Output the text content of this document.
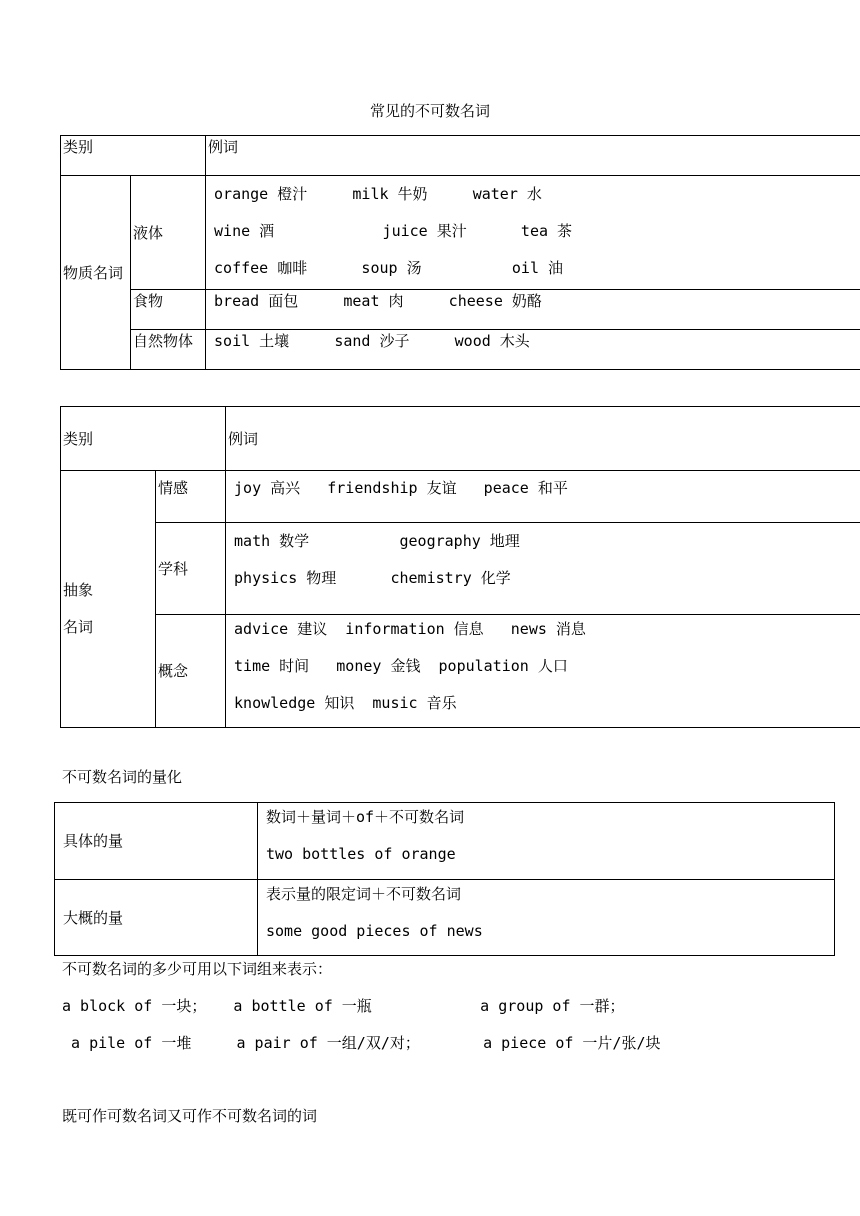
常见的不可数名词
类别		例词
物质名词	液体	orange 橙汁     milk 牛奶     water 水
wine 酒            juice 果汁      tea 茶
coffee 咖啡      soup 汤          oil 油

	食物	bread 面包     meat 肉     cheese 奶酪
	自然物体	soil 土壤     sand 沙子     wood 木头
类别		例词

抽象
名词	情感	joy 高兴   friendship 友谊   peace 和平
	学科	math 数学          geography 地理
physics 物理      chemistry 化学

	概念	advice 建议  information 信息   news 消息
time 时间   money 金钱  population 人口
knowledge 知识  music 音乐
不可数名词的量化
具体的量	数词＋量词＋of＋不可数名词
two bottles of orange

大概的量	表示量的限定词＋不可数名词
some good pieces of news
不可数名词的多少可用以下词组来表示：
a block of 一块；   a bottle of 一瓶            a group of 一群；
a pile of 一堆     a pair of 一组/双/对；       a piece of 一片/张/块
既可作可数名词又可作不可数名词的词
